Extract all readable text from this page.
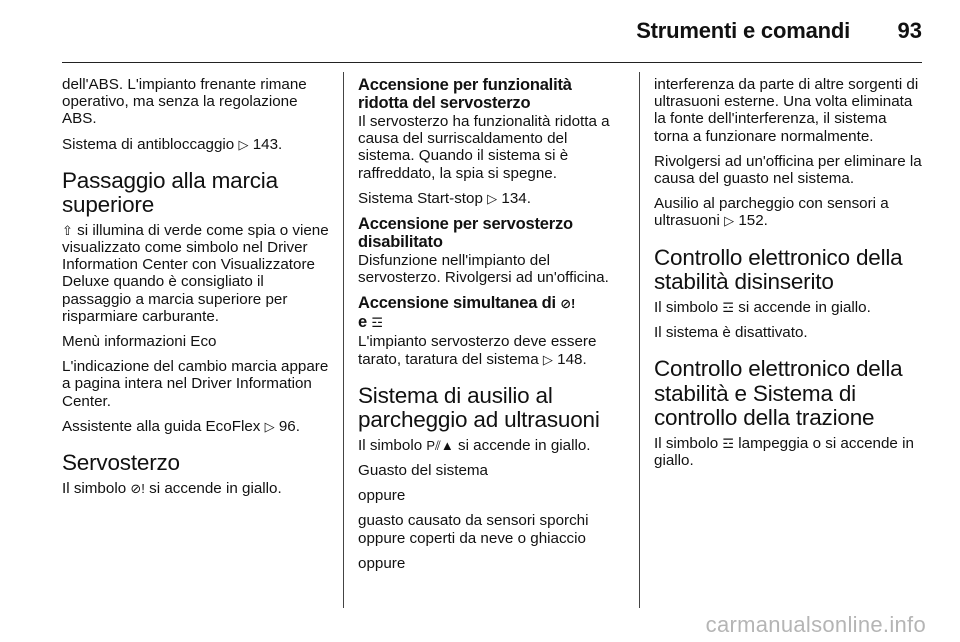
Strumenti e comandi 93

dell'ABS. L'impianto frenante rimane operativo, ma senza la regolazione ABS.

Sistema di antibloccaggio ▷ 143.

Passaggio alla marcia superiore

⇧ si illumina di verde come spia o viene visualizzato come simbolo nel Driver Information Center con Visualizzatore Deluxe quando è consigliato il passaggio a marcia superiore per risparmiare carburante.

Menù informazioni Eco

L'indicazione del cambio marcia appare a pagina intera nel Driver Information Center.

Assistente alla guida EcoFlex ▷ 96.

Servosterzo

Il simbolo ⊘! si accende in giallo.

Accensione per funzionalità ridotta del servosterzo

Il servosterzo ha funzionalità ridotta a causa del surriscaldamento del sistema. Quando il sistema si è raffreddato, la spia si spegne.

Sistema Start-stop ▷ 134.

Accensione per servosterzo disabilitato

Disfunzione nell'impianto del servosterzo. Rivolgersi ad un'officina.

Accensione simultanea di ⊘!
e ☲

L'impianto servosterzo deve essere tarato, taratura del sistema ▷ 148.

Sistema di ausilio al parcheggio ad ultrasuoni

Il simbolo P⫽▲ si accende in giallo.

Guasto del sistema

oppure

guasto causato da sensori sporchi oppure coperti da neve o ghiaccio

oppure

interferenza da parte di altre sorgenti di ultrasuoni esterne. Una volta eliminata la fonte dell'interferenza, il sistema torna a funzionare normalmente.

Rivolgersi ad un'officina per eliminare la causa del guasto nel sistema.

Ausilio al parcheggio con sensori a ultrasuoni ▷ 152.

Controllo elettronico della stabilità disinserito

Il simbolo ☲ si accende in giallo.

Il sistema è disattivato.

Controllo elettronico della stabilità e Sistema di controllo della trazione

Il simbolo ☲ lampeggia o si accende in giallo.

carmanualsonline.info
